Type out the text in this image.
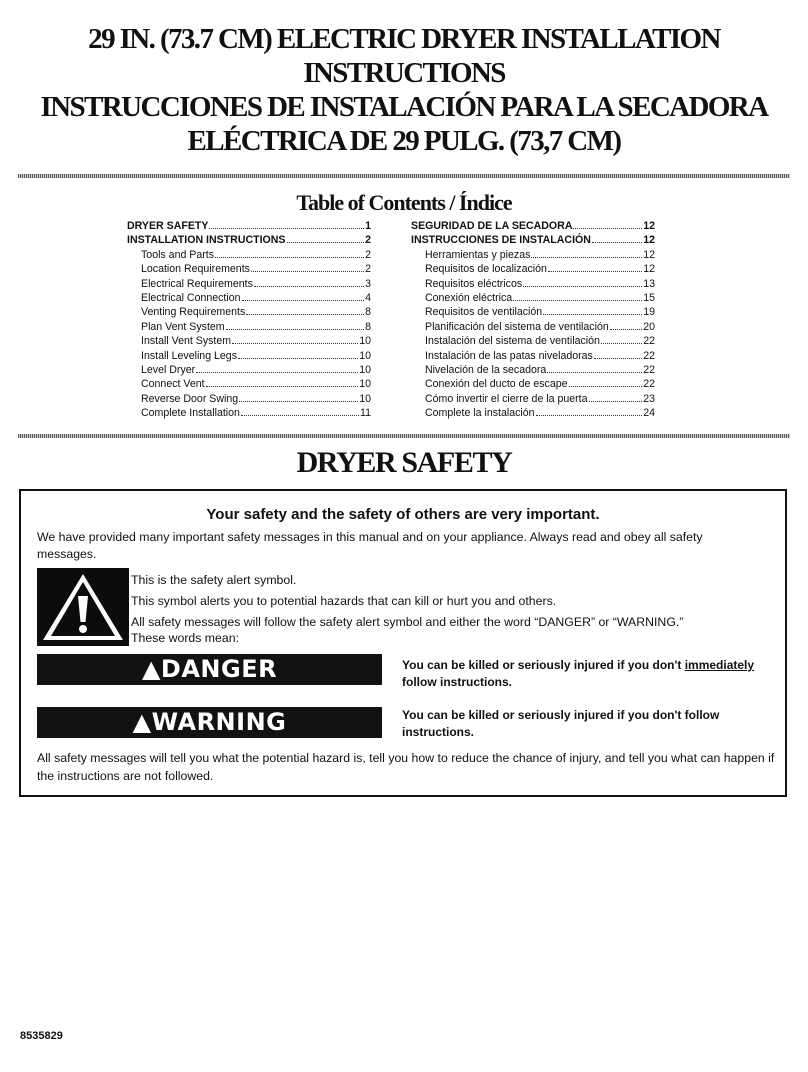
29 IN. (73.7 CM) ELECTRIC DRYER INSTALLATION
INSTRUCTIONS
INSTRUCCIONES DE INSTALACIÓN PARA LA SECADORA
ELÉCTRICA DE 29 PULG. (73,7 CM)
Table of Contents / Índice
DRYER SAFETY	1
INSTALLATION INSTRUCTIONS	2
Tools and Parts	2
Location Requirements	2
Electrical Requirements	3
Electrical Connection	4
Venting Requirements	8
Plan Vent System	8
Install Vent System	10
Install Leveling Legs	10
Level Dryer	10
Connect Vent	10
Reverse Door Swing	10
Complete Installation	11
SEGURIDAD DE LA SECADORA	12
INSTRUCCIONES DE INSTALACIÓN	12
Herramientas y piezas	12
Requisitos de localización	12
Requisitos eléctricos	13
Conexión eléctrica	15
Requisitos de ventilación	19
Planificación del sistema de ventilación	20
Instalación del sistema de ventilación	22
Instalación de las patas niveladoras	22
Nivelación de la secadora	22
Conexión del ducto de escape	22
Cómo invertir el cierre de la puerta	23
Complete la instalación	24
DRYER SAFETY
Your safety and the safety of others are very important.
We have provided many important safety messages in this manual and on your appliance. Always read and obey all safety messages.
This is the safety alert symbol.
This symbol alerts you to potential hazards that can kill or hurt you and others.
All safety messages will follow the safety alert symbol and either the word “DANGER” or “WARNING.” These words mean:
▲DANGER	You can be killed or seriously injured if you don't immediately follow instructions.
▲WARNING	You can be killed or seriously injured if you don't follow instructions.
All safety messages will tell you what the potential hazard is, tell you how to reduce the chance of injury, and tell you what can happen if the instructions are not followed.
8535829
